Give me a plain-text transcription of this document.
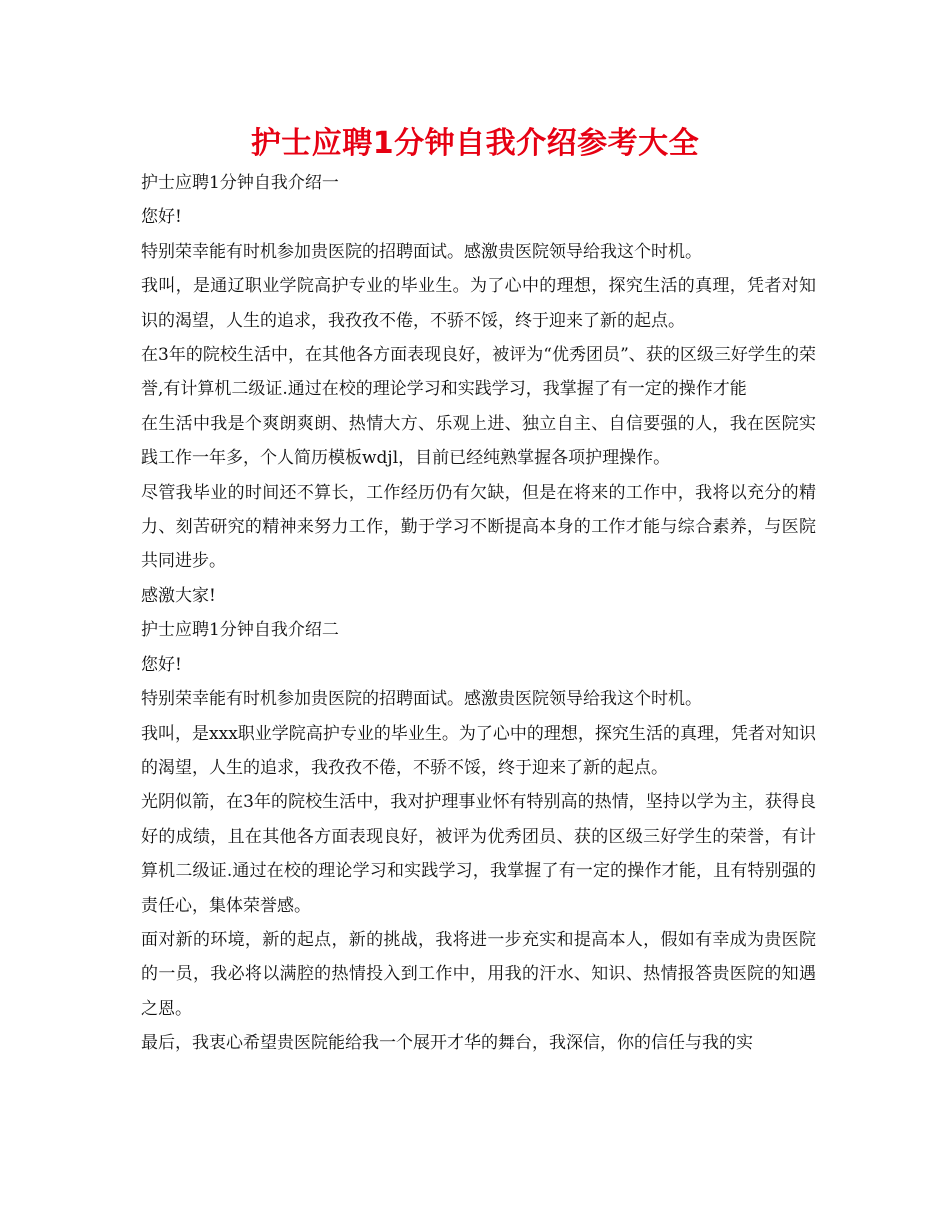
护士应聘1分钟自我介绍参考大全

护士应聘1分钟自我介绍一

您好!

特别荣幸能有时机参加贵医院的招聘面试。感激贵医院领导给我这个时机。

我叫，是通辽职业学院高护专业的毕业生。为了心中的理想，探究生活的真理，凭者对知识的渴望，人生的追求，我孜孜不倦，不骄不馁，终于迎来了新的起点。

在3年的院校生活中，在其他各方面表现良好，被评为“优秀团员”、获的区级三好学生的荣誉,有计算机二级证.通过在校的理论学习和实践学习，我掌握了有一定的操作才能

在生活中我是个爽朗爽朗、热情大方、乐观上进、独立自主、自信要强的人，我在医院实践工作一年多，个人简历模板wdjl，目前已经纯熟掌握各项护理操作。

尽管我毕业的时间还不算长，工作经历仍有欠缺，但是在将来的工作中，我将以充分的精力、刻苦研究的精神来努力工作，勤于学习不断提高本身的工作才能与综合素养，与医院共同进步。

感激大家!

护士应聘1分钟自我介绍二

您好!

特别荣幸能有时机参加贵医院的招聘面试。感激贵医院领导给我这个时机。

我叫，是xxx职业学院高护专业的毕业生。为了心中的理想，探究生活的真理，凭者对知识的渴望，人生的追求，我孜孜不倦，不骄不馁，终于迎来了新的起点。

光阴似箭，在3年的院校生活中，我对护理事业怀有特别高的热情，坚持以学为主，获得良好的成绩，且在其他各方面表现良好，被评为优秀团员、获的区级三好学生的荣誉，有计算机二级证.通过在校的理论学习和实践学习，我掌握了有一定的操作才能，且有特别强的责任心，集体荣誉感。

面对新的环境，新的起点，新的挑战，我将进一步充实和提高本人，假如有幸成为贵医院的一员，我必将以满腔的热情投入到工作中，用我的汗水、知识、热情报答贵医院的知遇之恩。

最后，我衷心希望贵医院能给我一个展开才华的舞台，我深信，你的信任与我的实
